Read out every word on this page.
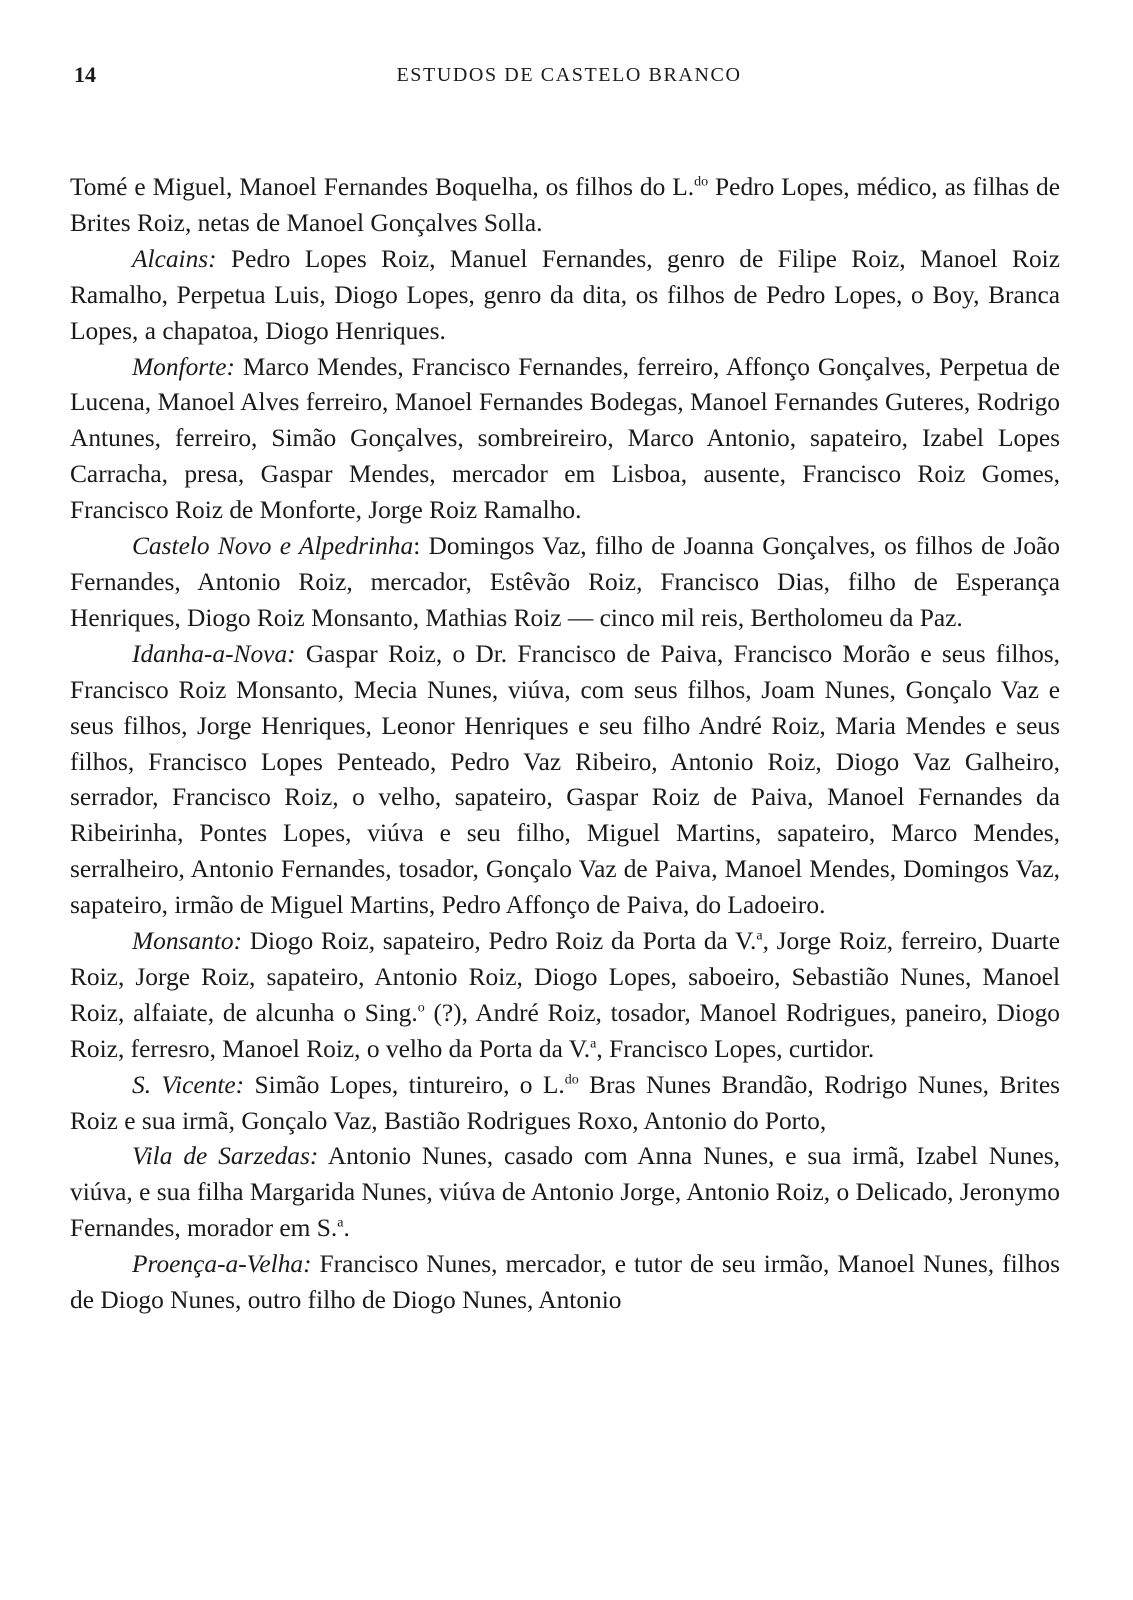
14	ESTUDOS DE CASTELO BRANCO

Tomé e Miguel, Manoel Fernandes Boquelha, os filhos do L.$^{do}$ Pedro Lopes, médico, as filhas de Brites Roiz, netas de Manoel Gonçalves Solla.

Alcains: Pedro Lopes Roiz, Manuel Fernandes, genro de Filipe Roiz, Manoel Roiz Ramalho, Perpetua Luis, Diogo Lopes, genro da dita, os filhos de Pedro Lopes, o Boy, Branca Lopes, a chapatoa, Diogo Henriques.

Monforte: Marco Mendes, Francisco Fernandes, ferreiro, Affonço Gonçalves, Perpetua de Lucena, Manoel Alves ferreiro, Manoel Fernandes Bodegas, Manoel Fernandes Guteres, Rodrigo Antunes, ferreiro, Simão Gonçalves, sombreireiro, Marco Antonio, sapateiro, Izabel Lopes Carracha, presa, Gaspar Mendes, mercador em Lisboa, ausente, Francisco Roiz Gomes, Francisco Roiz de Monforte, Jorge Roiz Ramalho.

Castelo Novo e Alpedrinha: Domingos Vaz, filho de Joanna Gonçalves, os filhos de João Fernandes, Antonio Roiz, mercador, Estêvão Roiz, Francisco Dias, filho de Esperança Henriques, Diogo Roiz Monsanto, Mathias Roiz — cinco mil reis, Bertholomeu da Paz.

Idanha-a-Nova: Gaspar Roiz, o Dr. Francisco de Paiva, Francisco Morão e seus filhos, Francisco Roiz Monsanto, Mecia Nunes, viúva, com seus filhos, Joam Nunes, Gonçalo Vaz e seus filhos, Jorge Henriques, Leonor Henriques e seu filho André Roiz, Maria Mendes e seus filhos, Francisco Lopes Penteado, Pedro Vaz Ribeiro, Antonio Roiz, Diogo Vaz Galheiro, serrador, Francisco Roiz, o velho, sapateiro, Gaspar Roiz de Paiva, Manoel Fernandes da Ribeirinha, Pontes Lopes, viúva e seu filho, Miguel Martins, sapateiro, Marco Mendes, serralheiro, Antonio Fernandes, tosador, Gonçalo Vaz de Paiva, Manoel Mendes, Domingos Vaz, sapateiro, irmão de Miguel Martins, Pedro Affonço de Paiva, do Ladoeiro.

Monsanto: Diogo Roiz, sapateiro, Pedro Roiz da Porta da V.$^a$, Jorge Roiz, ferreiro, Duarte Roiz, Jorge Roiz, sapateiro, Antonio Roiz, Diogo Lopes, saboeiro, Sebastião Nunes, Manoel Roiz, alfaiate, de alcunha o Sing.$^o$ (?), André Roiz, tosador, Manoel Rodrigues, paneiro, Diogo Roiz, ferresro, Manoel Roiz, o velho da Porta da V.$^a$, Francisco Lopes, curtidor.

S. Vicente: Simão Lopes, tintureiro, o L.$^{do}$ Bras Nunes Brandão, Rodrigo Nunes, Brites Roiz e sua irmã, Gonçalo Vaz, Bastião Rodrigues Roxo, Antonio do Porto,

Vila de Sarzedas: Antonio Nunes, casado com Anna Nunes, e sua irmã, Izabel Nunes, viúva, e sua filha Margarida Nunes, viúva de Antonio Jorge, Antonio Roiz, o Delicado, Jeronymo Fernandes, morador em S.$^a$.

Proença-a-Velha: Francisco Nunes, mercador, e tutor de seu irmão, Manoel Nunes, filhos de Diogo Nunes, outro filho de Diogo Nunes, Antonio
